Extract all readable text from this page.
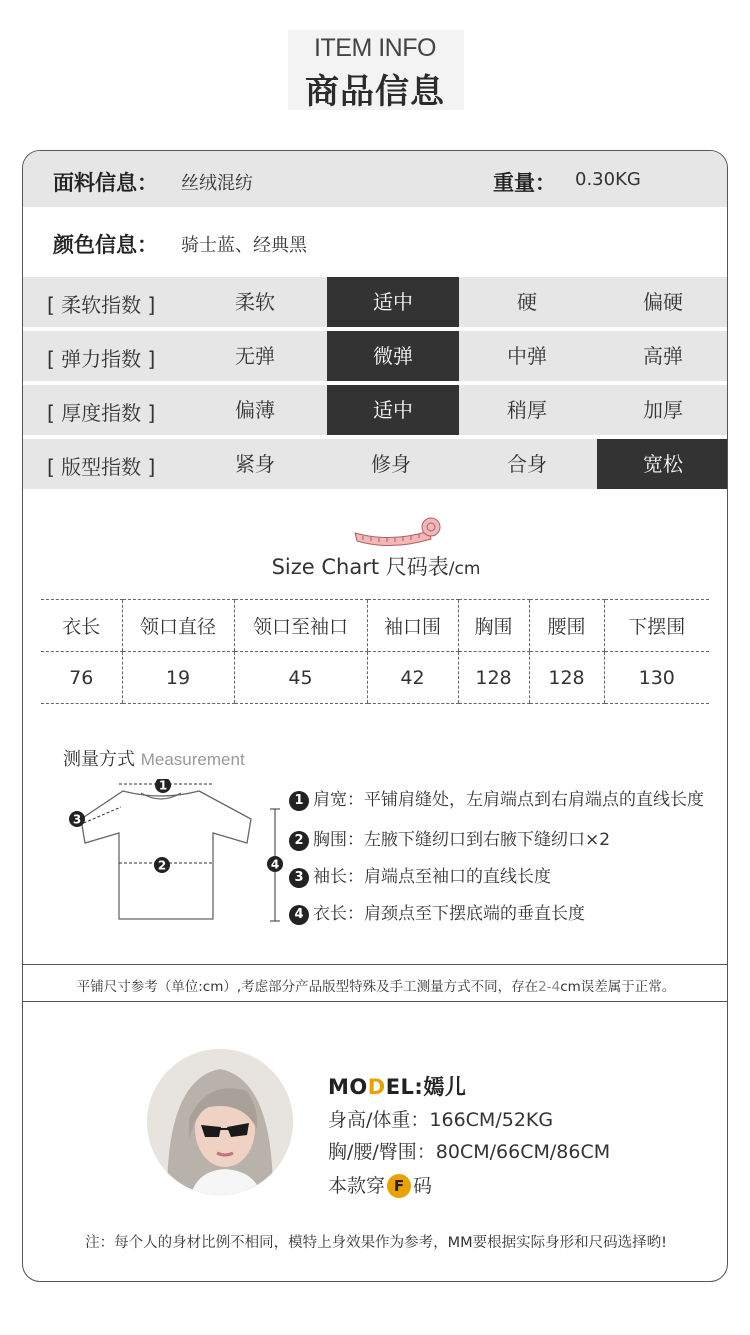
ITEM INFO
商品信息
面料信息： 丝绒混纺	重量： 0.30KG
颜色信息： 骑士蓝、经典黑
[ 柔软指数 ]	柔软	适中	硬	偏硬
[ 弹力指数 ]	无弹	微弹	中弹	高弹
[ 厚度指数 ]	偏薄	适中	稍厚	加厚
[ 版型指数 ]	紧身	修身	合身	宽松
Size Chart 尺码表/cm
衣长	领口直径	领口至袖口	袖口围	胸围	腰围	下摆围
76	19	45	42	128	128	130
测量方式 Measurement
1
2
3
4
1 肩宽：平铺肩缝处，左肩端点到右肩端点的直线长度
2 胸围：左腋下缝纫口到右腋下缝纫口×2
3 袖长：肩端点至袖口的直线长度
4 衣长：肩颈点至下摆底端的垂直长度
平铺尺寸参考（单位:cm）,考虑部分产品版型特殊及手工测量方式不同，存在2-4cm误差属于正常。
MODEL:嫣儿
身高/体重：166CM/52KG
胸/腰/臀围：80CM/66CM/86CM
本款穿 F 码
注：每个人的身材比例不相同，模特上身效果作为参考，MM要根据实际身形和尺码选择哟!
